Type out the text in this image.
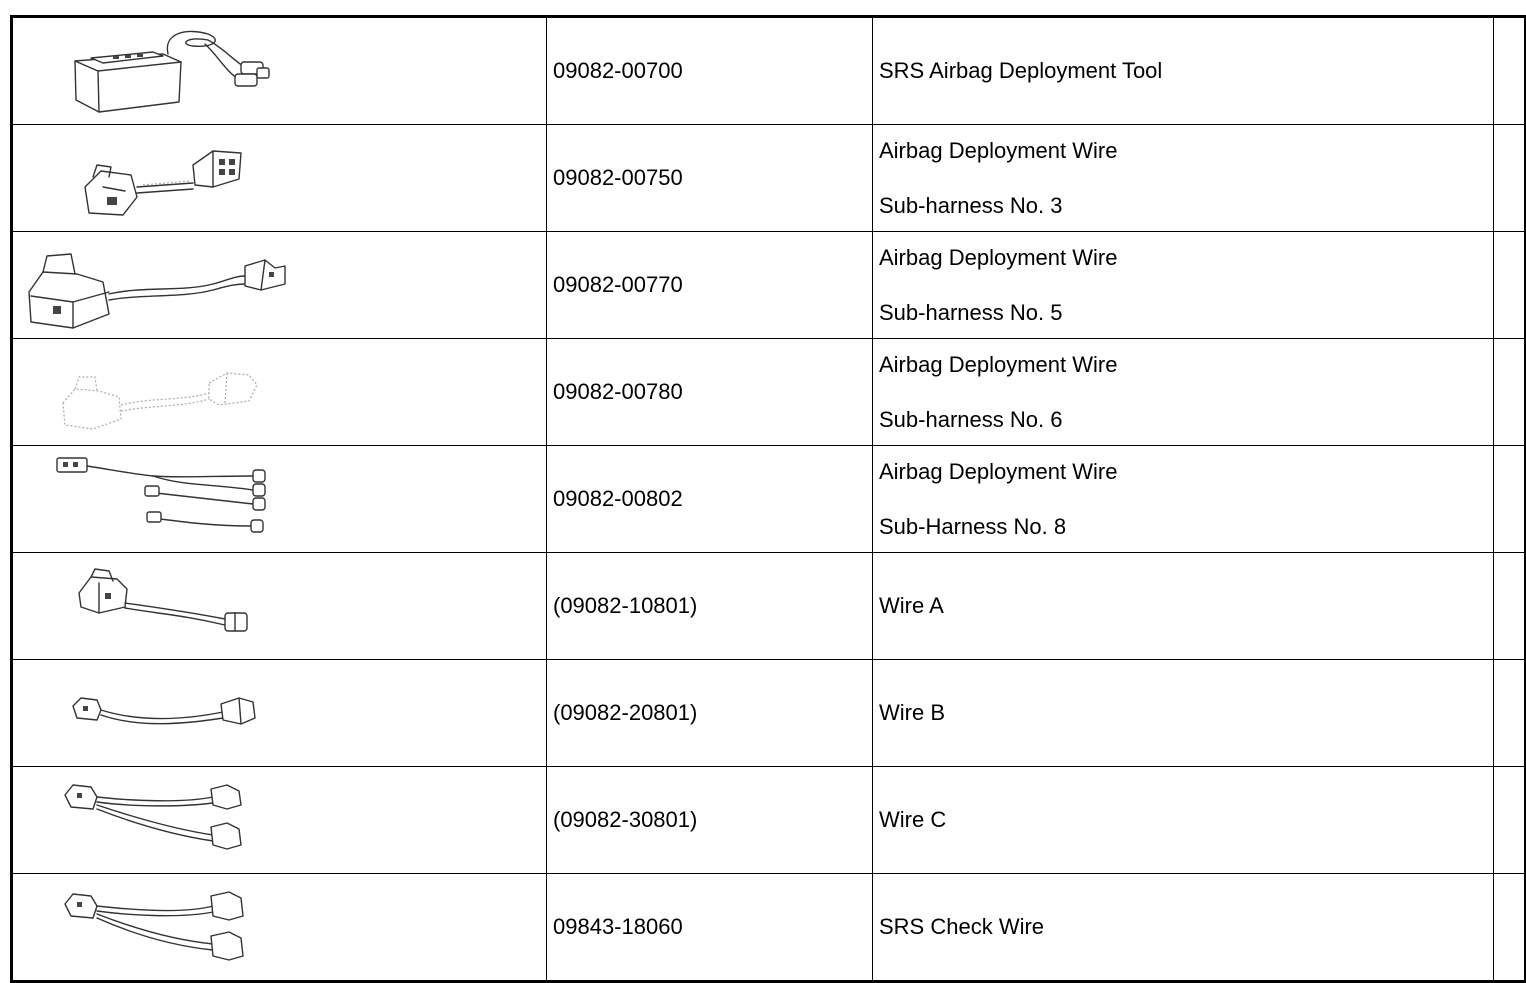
	09082-00700	SRS Airbag Deployment Tool	

	09082-00750	Airbag Deployment Wire
Sub-harness No. 3	

	09082-00770	Airbag Deployment Wire
Sub-harness No. 5	

	09082-00780	Airbag Deployment Wire
Sub-harness No. 6	

	09082-00802	Airbag Deployment Wire
Sub-Harness No. 8	

	(09082-10801)	Wire A	

	(09082-20801)	Wire B	

	(09082-30801)	Wire C	

	09843-18060	SRS Check Wire	
